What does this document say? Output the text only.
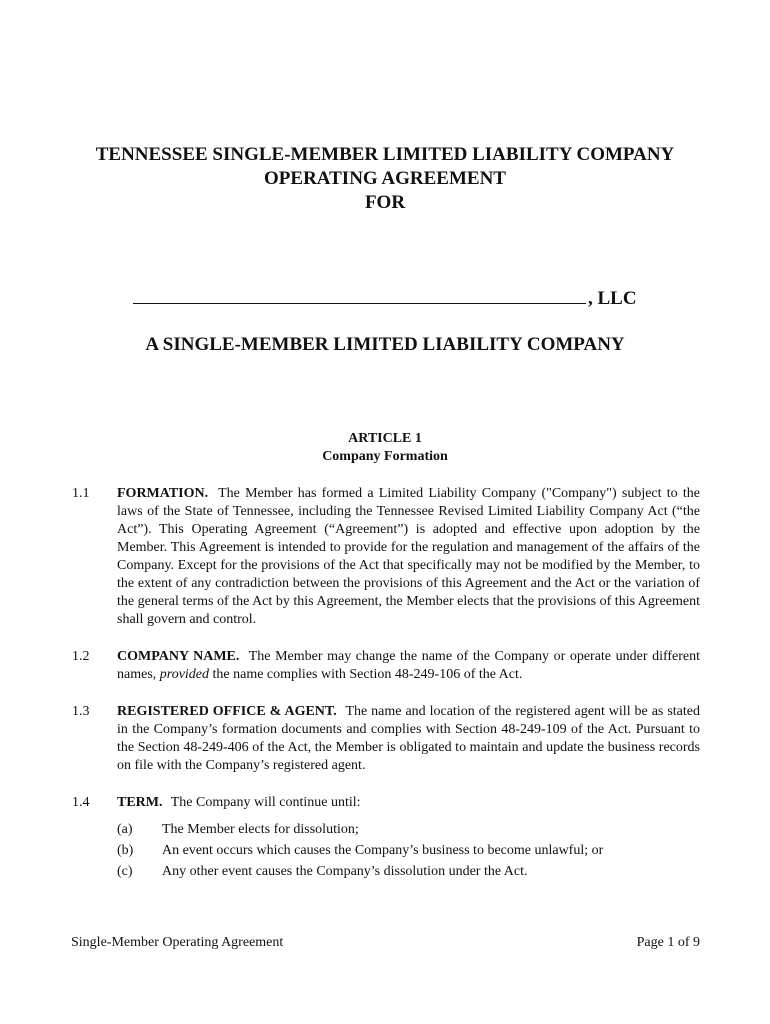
TENNESSEE SINGLE-MEMBER LIMITED LIABILITY COMPANY
OPERATING AGREEMENT
FOR
, LLC
A SINGLE-MEMBER LIMITED LIABILITY COMPANY
ARTICLE 1
Company Formation
1.1	FORMATION. The Member has formed a Limited Liability Company ("Company") subject to the laws of the State of Tennessee, including the Tennessee Revised Limited Liability Company Act (“the Act”). This Operating Agreement (“Agreement”) is adopted and effective upon adoption by the Member. This Agreement is intended to provide for the regulation and management of the affairs of the Company. Except for the provisions of the Act that specifically may not be modified by the Member, to the extent of any contradiction between the provisions of this Agreement and the Act or the variation of the general terms of the Act by this Agreement, the Member elects that the provisions of this Agreement shall govern and control.
1.2	COMPANY NAME. The Member may change the name of the Company or operate under different names, provided the name complies with Section 48-249-106 of the Act.
1.3	REGISTERED OFFICE & AGENT. The name and location of the registered agent will be as stated in the Company’s formation documents and complies with Section 48-249-109 of the Act. Pursuant to the Section 48-249-406 of the Act, the Member is obligated to maintain and update the business records on file with the Company’s registered agent.
1.4	TERM. The Company will continue until:
(a)	The Member elects for dissolution;
(b)	An event occurs which causes the Company’s business to become unlawful; or
(c)	Any other event causes the Company’s dissolution under the Act.
Single-Member Operating Agreement	Page 1 of 9
